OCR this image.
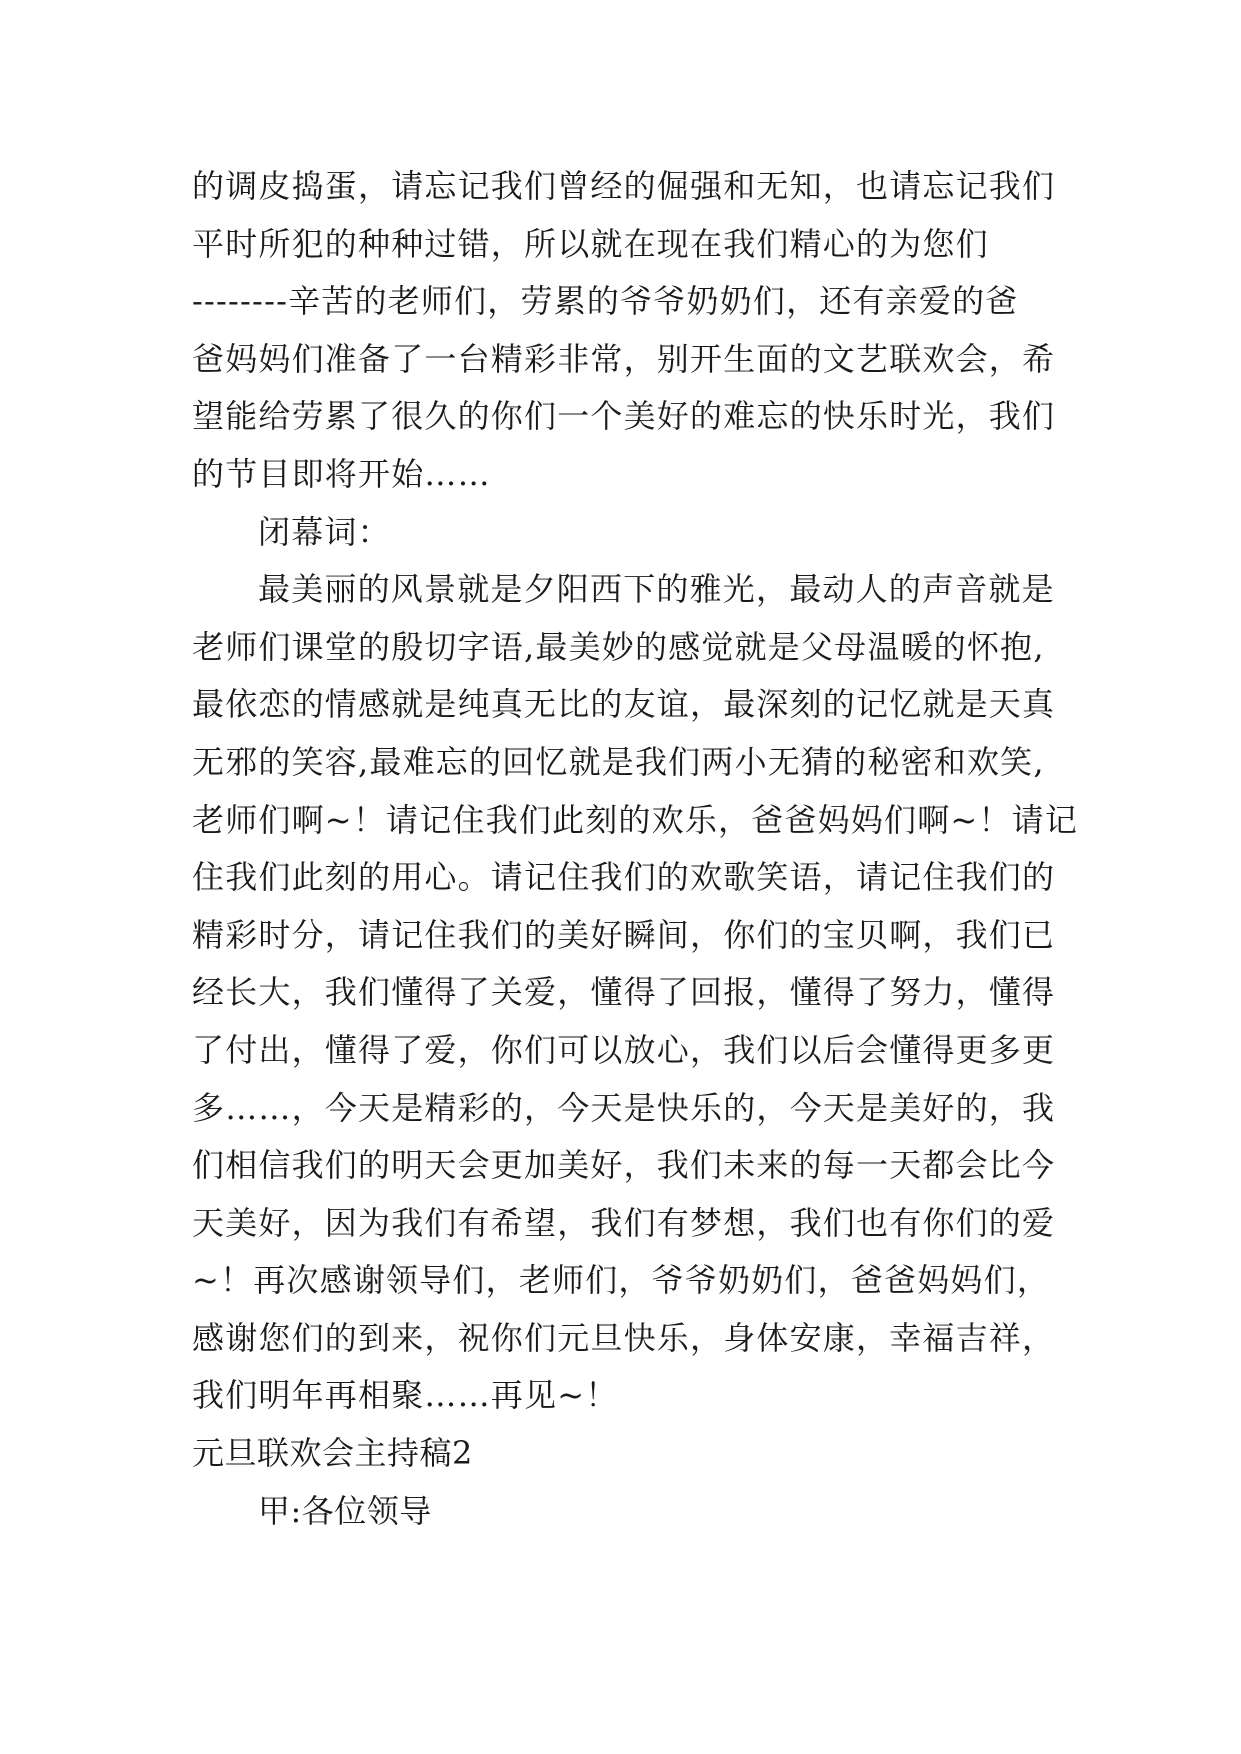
的调皮捣蛋，请忘记我们曾经的倔强和无知，也请忘记我们
平时所犯的种种过错，所以就在现在我们精心的为您们
--------辛苦的老师们，劳累的爷爷奶奶们，还有亲爱的爸
爸妈妈们准备了一台精彩非常，别开生面的文艺联欢会，希
望能给劳累了很久的你们一个美好的难忘的快乐时光，我们
的节目即将开始……
闭幕词：
最美丽的风景就是夕阳西下的雅光，最动人的声音就是
老师们课堂的殷切字语,最美妙的感觉就是父母温暖的怀抱,
最依恋的情感就是纯真无比的友谊，最深刻的记忆就是天真
无邪的笑容,最难忘的回忆就是我们两小无猜的秘密和欢笑,
老师们啊~！请记住我们此刻的欢乐，爸爸妈妈们啊~！请记
住我们此刻的用心。请记住我们的欢歌笑语，请记住我们的
精彩时分，请记住我们的美好瞬间，你们的宝贝啊，我们已
经长大，我们懂得了关爱，懂得了回报，懂得了努力，懂得
了付出，懂得了爱，你们可以放心，我们以后会懂得更多更
多……，今天是精彩的，今天是快乐的，今天是美好的，我
们相信我们的明天会更加美好，我们未来的每一天都会比今
天美好，因为我们有希望，我们有梦想，我们也有你们的爱
~！再次感谢领导们，老师们，爷爷奶奶们，爸爸妈妈们，
感谢您们的到来，祝你们元旦快乐，身体安康，幸福吉祥，
我们明年再相聚……再见~！
元旦联欢会主持稿2
甲:各位领导
